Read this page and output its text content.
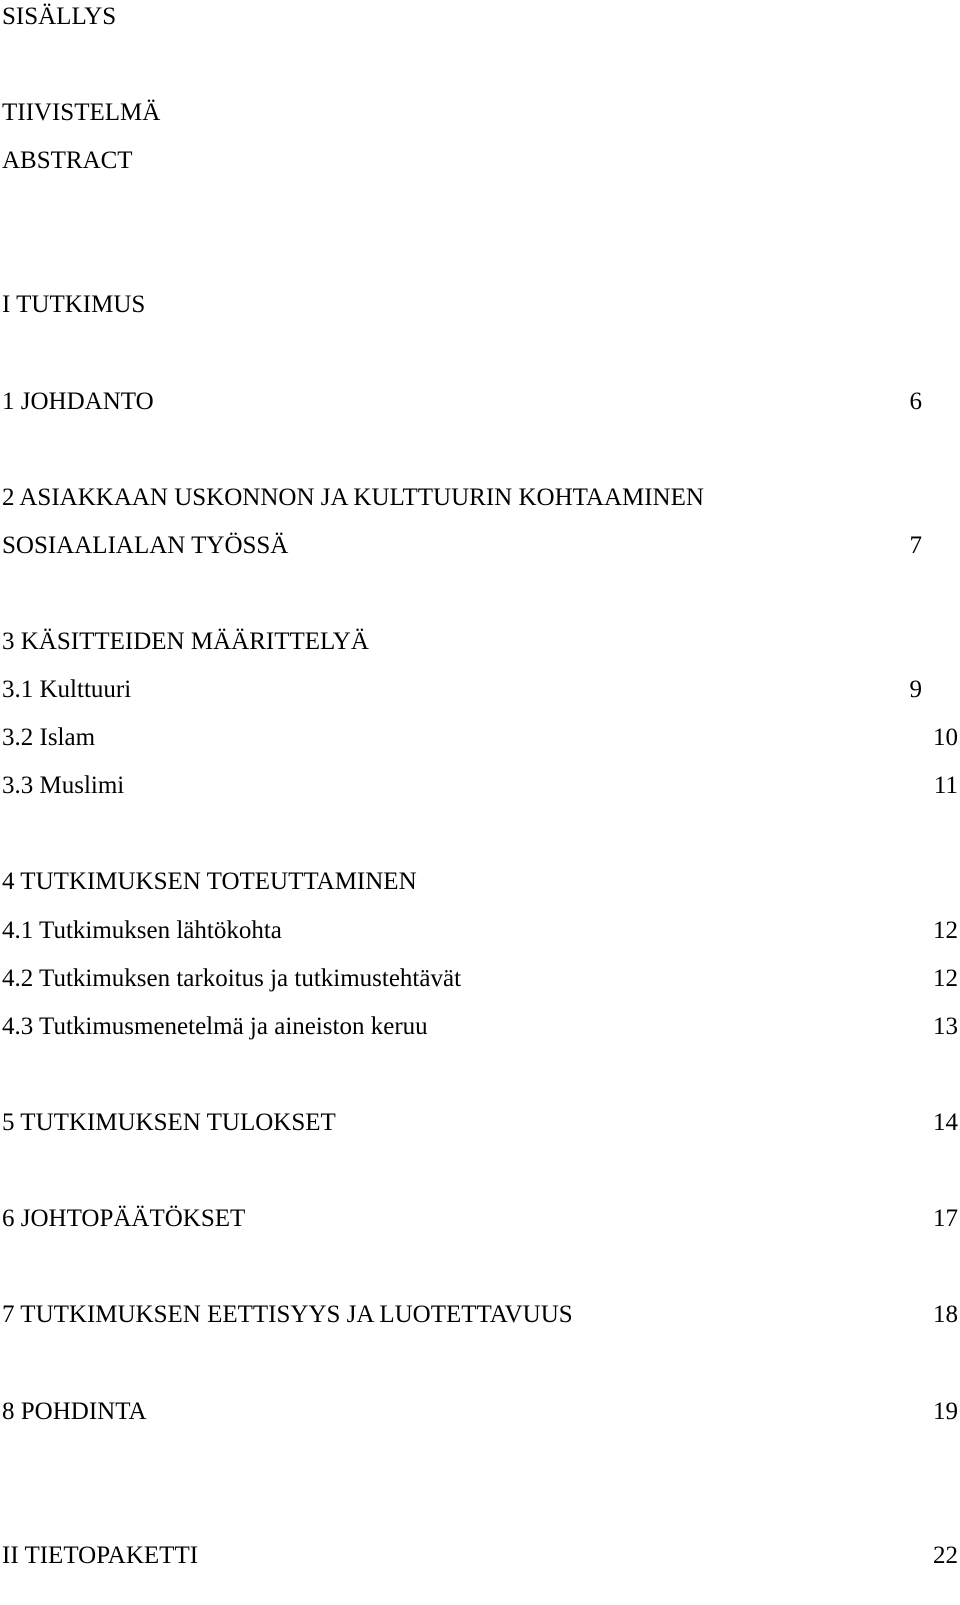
SISÄLLYS
TIIVISTELMÄ
ABSTRACT
I TUTKIMUS
1 JOHDANTO	6
2 ASIAKKAAN USKONNON JA KULTTUURIN KOHTAAMINEN
SOSIAALIALAN TYÖSSÄ	7
3 KÄSITTEIDEN MÄÄRITTELYÄ
3.1 Kulttuuri	9
3.2 Islam	10
3.3 Muslimi	11
4 TUTKIMUKSEN TOTEUTTAMINEN
4.1 Tutkimuksen lähtökohta	12
4.2 Tutkimuksen tarkoitus ja tutkimustehtävät	12
4.3 Tutkimusmenetelmä ja aineiston keruu	13
5 TUTKIMUKSEN TULOKSET	14
6 JOHTOPÄÄTÖKSET	17
7 TUTKIMUKSEN EETTISYYS JA LUOTETTAVUUS	18
8 POHDINTA	19
II TIETOPAKETTI	22
